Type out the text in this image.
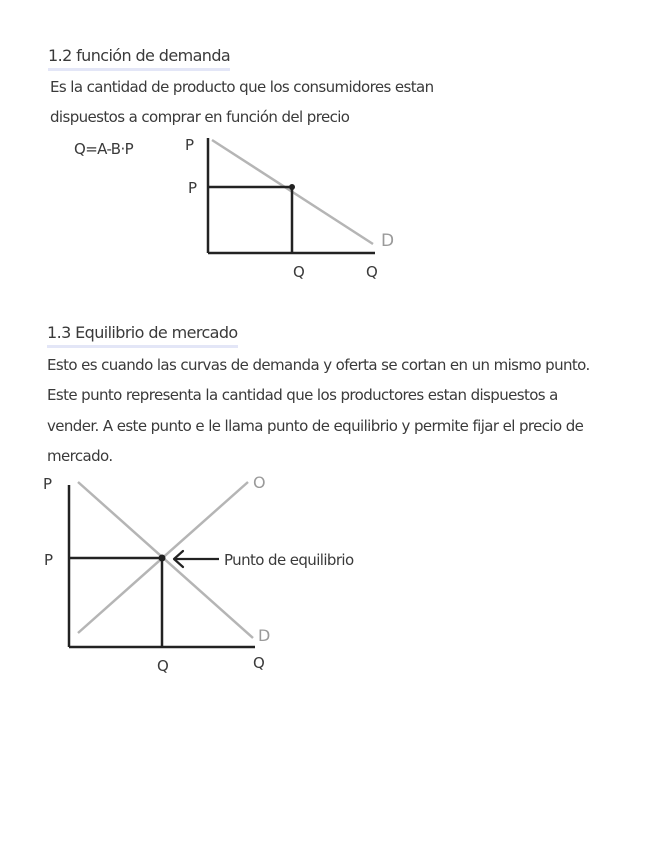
1.2 función de demanda
Es la cantidad de producto que los consumidores estan
dispuestos a comprar en función del precio
Q=A-B·P	P
P
Q	Q
D
1.3 Equilibrio de mercado
Esto es cuando las curvas de demanda y oferta se cortan en un mismo punto.
Este punto representa la cantidad que los productores estan dispuestos a
vender. A este punto e le llama punto de equilibrio y permite fijar el precio de
mercado.
P
P
Q	Q
O
D
Punto de equilibrio
